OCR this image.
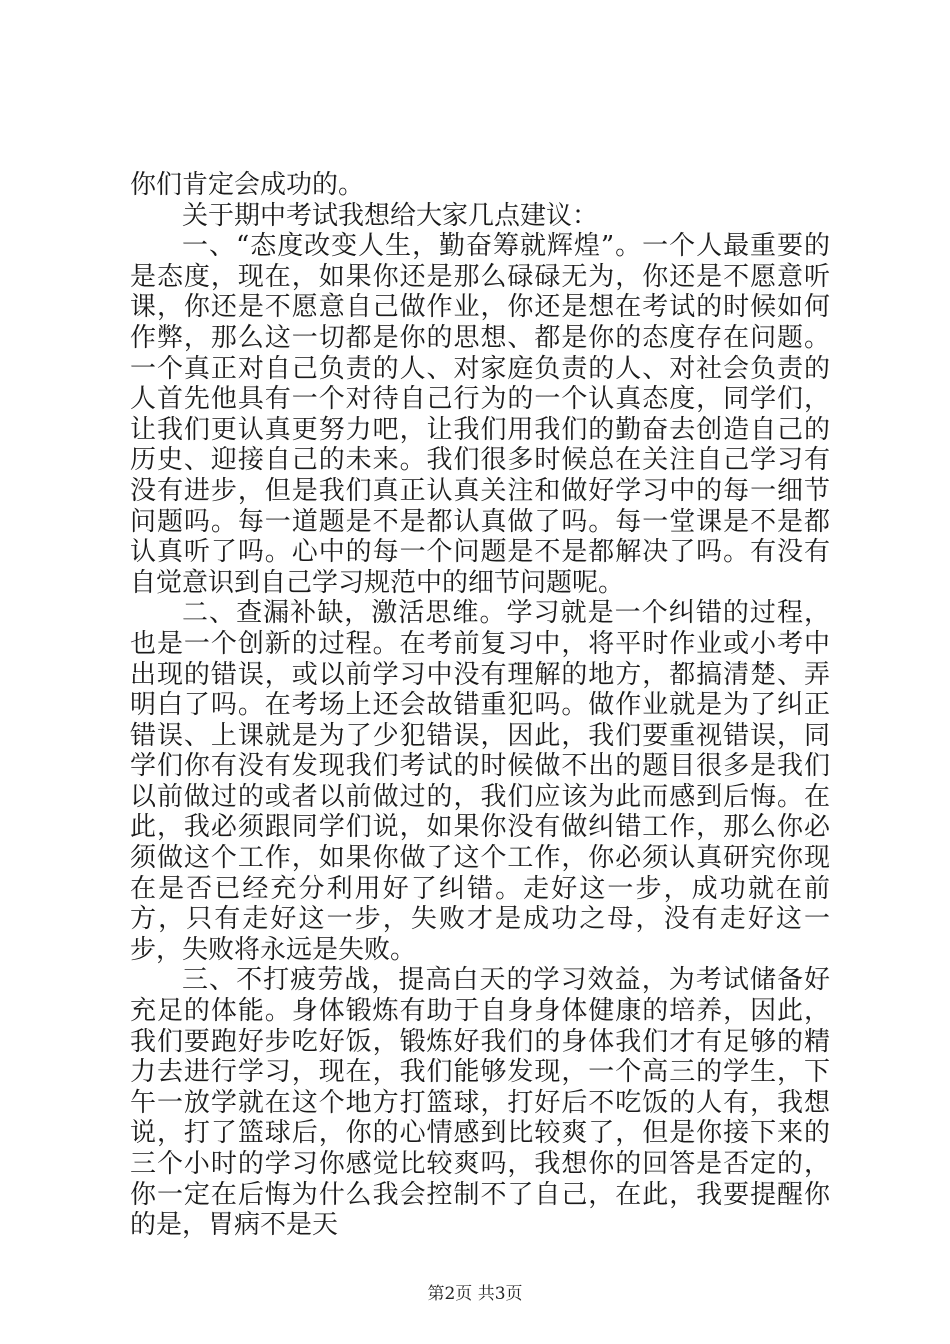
你们肯定会成功的。

关于期中考试我想给大家几点建议：

一、“态度改变人生，勤奋筹就辉煌”。一个人最重要的是态度，现在，如果你还是那么碌碌无为，你还是不愿意听课，你还是不愿意自己做作业，你还是想在考试的时候如何作弊，那么这一切都是你的思想、都是你的态度存在问题。一个真正对自己负责的人、对家庭负责的人、对社会负责的人首先他具有一个对待自己行为的一个认真态度，同学们，让我们更认真更努力吧，让我们用我们的勤奋去创造自己的历史、迎接自己的未来。我们很多时候总在关注自己学习有没有进步，但是我们真正认真关注和做好学习中的每一细节问题吗。每一道题是不是都认真做了吗。每一堂课是不是都认真听了吗。心中的每一个问题是不是都解决了吗。有没有自觉意识到自己学习规范中的细节问题呢。

二、查漏补缺，激活思维。学习就是一个纠错的过程，也是一个创新的过程。在考前复习中，将平时作业或小考中出现的错误，或以前学习中没有理解的地方，都搞清楚、弄明白了吗。在考场上还会故错重犯吗。做作业就是为了纠正错误、上课就是为了少犯错误，因此，我们要重视错误，同学们你有没有发现我们考试的时候做不出的题目很多是我们以前做过的或者以前做过的，我们应该为此而感到后悔。在此，我必须跟同学们说，如果你没有做纠错工作，那么你必须做这个工作，如果你做了这个工作，你必须认真研究你现在是否已经充分利用好了纠错。走好这一步，成功就在前方，只有走好这一步，失败才是成功之母，没有走好这一步，失败将永远是失败。

三、不打疲劳战，提高白天的学习效益，为考试储备好充足的体能。身体锻炼有助于自身身体健康的培养，因此，我们要跑好步吃好饭，锻炼好我们的身体我们才有足够的精力去进行学习，现在，我们能够发现，一个高三的学生，下午一放学就在这个地方打篮球，打好后不吃饭的人有，我想说，打了篮球后，你的心情感到比较爽了，但是你接下来的三个小时的学习你感觉比较爽吗，我想你的回答是否定的，你一定在后悔为什么我会控制不了自己，在此，我要提醒你的是，胃病不是天

第2页 共3页
